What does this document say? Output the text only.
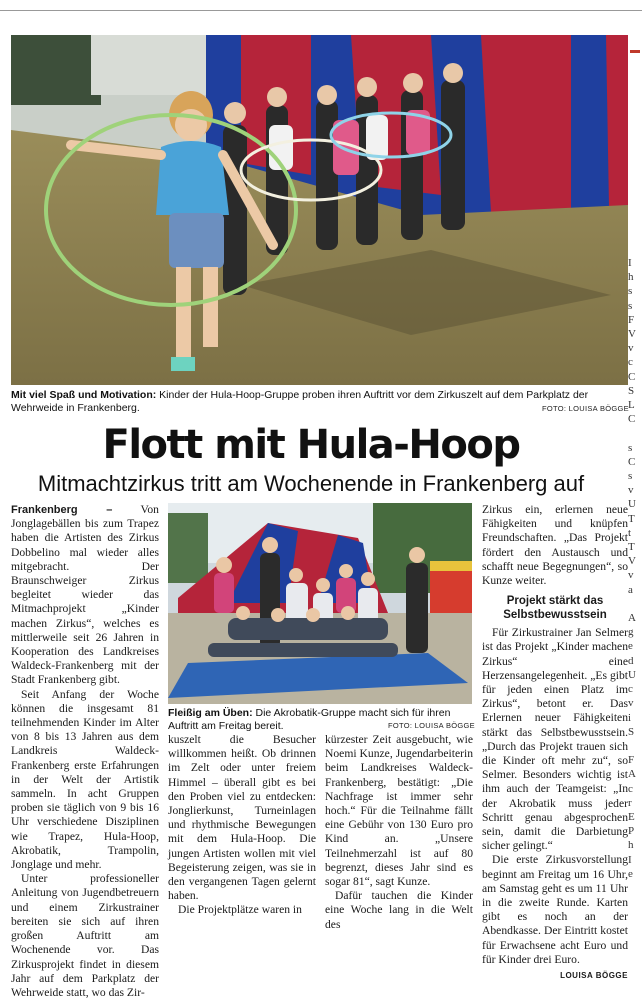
Mit viel Spaß und Motivation: Kinder der Hula-Hoop-Gruppe proben ihren Auftritt vor dem Zirkuszelt auf dem Parkplatz der Wehrweide in Frankenberg.	FOTO: LOUISA BÖGGE
Flott mit Hula-Hoop
Mitmachtzirkus tritt am Wochenende in Frankenberg auf

Frankenberg – Von Jonglagebällen bis zum Trapez haben die Artisten des Zirkus Dobbelino mal wieder alles mitgebracht. Der Braunschweiger Zirkus begleitet wieder das Mitmachprojekt „Kinder machen Zirkus“, welches es mittlerweile seit 26 Jahren in Kooperation des Landkreises Waldeck-Frankenberg mit der Stadt Frankenberg gibt.

Seit Anfang der Woche können die insgesamt 81 teilnehmenden Kinder im Alter von 8 bis 13 Jahren aus dem Landkreis Waldeck-Frankenberg erste Erfahrungen in der Welt der Artistik sammeln. In acht Gruppen proben sie täglich von 9 bis 16 Uhr verschiedene Disziplinen wie Trapez, Hula-Hoop, Akrobatik, Trampolin, Jonglage und mehr.

Unter professioneller Anleitung von Jugendbetreuern und einem Zirkustrainer bereiten sie sich auf ihren großen Auftritt am Wochenende vor. Das Zirkusprojekt findet in diesem Jahr auf dem Parkplatz der Wehrweide statt, wo das Zir-

Fleißig am Üben: Die Akrobatik-Gruppe macht sich für ihren Auftritt am Freitag bereit.	FOTO: LOUISA BÖGGE

kuszelt die Besucher willkommen heißt. Ob drinnen im Zelt oder unter freiem Himmel – überall gibt es bei den Proben viel zu entdecken: Jonglierkunst, Turneinlagen und rhythmische Bewegungen mit dem Hula-Hoop. Die jungen Artisten wollen mit viel Begeisterung zeigen, was sie in den vergangenen Tagen gelernt haben.

Die Projektplätze waren in

kürzester Zeit ausgebucht, wie Noemi Kunze, Jugendarbeiterin beim Landkreises Waldeck-Frankenberg, bestätigt: „Die Nachfrage ist immer sehr hoch.“ Für die Teilnahme fällt eine Gebühr von 130 Euro pro Kind an. „Unsere Teilnehmerzahl ist auf 80 begrenzt, dieses Jahr sind es sogar 81“, sagt Kunze.

Dafür tauchen die Kinder eine Woche lang in die Welt des

Zirkus ein, erlernen neue Fähigkeiten und knüpfen Freundschaften. „Das Projekt fördert den Austausch und schafft neue Begegnungen“, so Kunze weiter.

Projekt stärkt das Selbstbewusstsein

Für Zirkustrainer Jan Selmer ist das Projekt „Kinder machen Zirkus“ eine Herzensangelegenheit. „Es gibt für jeden einen Platz im Zirkus“, betont er. Das Erlernen neuer Fähigkeiten stärkt das Selbstbewusstsein. „Durch das Projekt trauen sich die Kinder oft mehr zu“, so Selmer. Besonders wichtig ist ihm auch der Teamgeist: „In der Akrobatik muss jeder Schritt genau abgesprochen sein, damit die Darbietung sicher gelingt.“

Die erste Zirkusvorstellung beginnt am Freitag um 16 Uhr, am Samstag geht es um 11 Uhr in die zweite Runde. Karten gibt es noch an der Abendkasse. Der Eintritt kostet für Erwachsene acht Euro und für Kinder drei Euro.
LOUISA BÖGGE

I
h
s
s
F
V
v
c
C
S
L
C

s
C
s
v
U
T
t
T
V
v
a

A
g
e
d
U
c
v
i
S

F
A
c
r
E
P
h
I
e
